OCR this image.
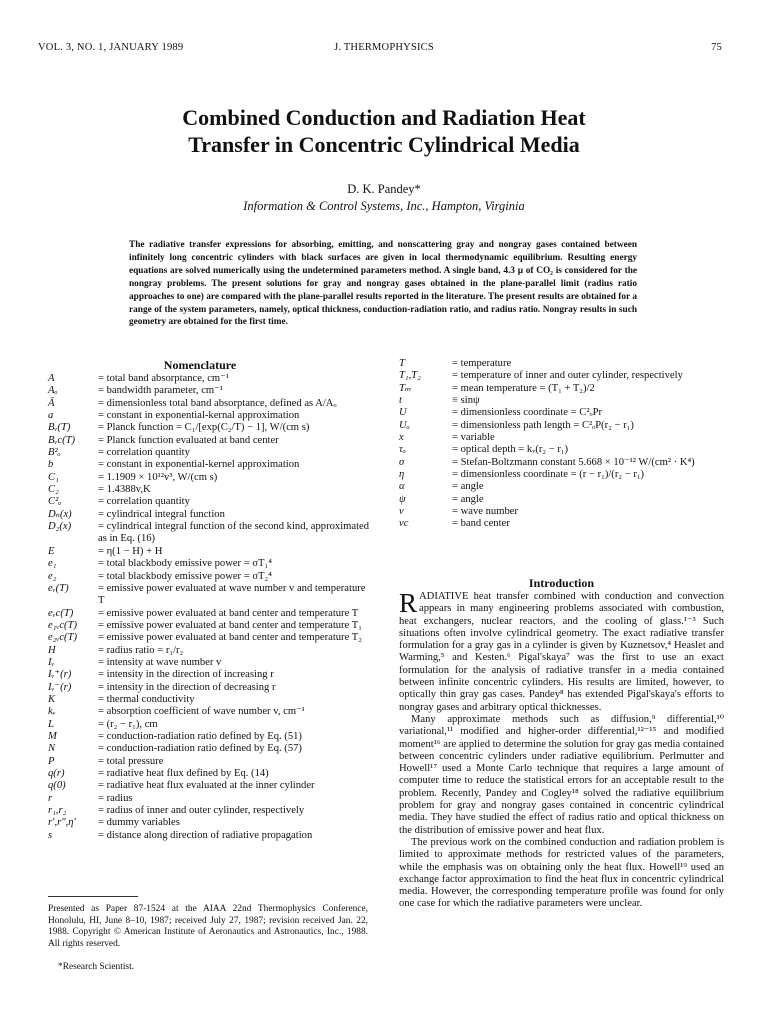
VOL. 3, NO. 1, JANUARY 1989	J. THERMOPHYSICS	75
Combined Conduction and Radiation Heat
Transfer in Concentric Cylindrical Media
D. K. Pandey*
Information & Control Systems, Inc., Hampton, Virginia

The radiative transfer expressions for absorbing, emitting, and nonscattering gray and nongray gases contained between infinitely long concentric cylinders with black surfaces are given in local thermodynamic equilibrium. Resulting energy equations are solved numerically using the undetermined parameters method. A single band, 4.3 μ of CO₂ is considered for the nongray problems. The present solutions for gray and nongray gases obtained in the plane-parallel limit (radius ratio approaches to one) are compared with the plane-parallel results reported in the literature. The present results are obtained for a range of the system parameters, namely, optical thickness, conduction-radiation ratio, and radius ratio. Nongray results in such geometry are obtained for the first time.

Nomenclature
A	= total band absorptance, cm⁻¹
Aₒ	= bandwidth parameter, cm⁻¹
Ā	= dimensionless total band absorptance, defined as A/Aₒ
a	= constant in exponential-kernal approximation
Bᵥ(T)	= Planck function = C₁/[exp(C₂/T) − 1], W/(cm s)
Bᵥc(T)	= Planck function evaluated at band center
B²ₒ	= correlation quantity
b	= constant in exponential-kernel approximation
C₁	= 1.1909 × 10¹²v³, W/(cm s)
C₂	= 1.4388v,K
C²ₒ	= correlation quantity
Dₙ(x)	= cylindrical integral function
D₂(x)	= cylindrical integral function of the second kind, approximated as in Eq. (16)
E	= η(1 − H) + H
e₁	= total blackbody emissive power = σT₁⁴
e₂	= total blackbody emissive power = σT₂⁴
eᵥ(T)	= emissive power evaluated at wave number v and temperature T
eᵥc(T)	= emissive power evaluated at band center and temperature T
e₁ᵥc(T)	= emissive power evaluated at band center and temperature T₁
e₂ᵥc(T)	= emissive power evaluated at band center and temperature T₂
H	= radius ratio = r₁/r₂
Iᵥ	= intensity at wave number v
Iᵥ⁺(r)	= intensity in the direction of increasing r
Iᵥ⁻(r)	= intensity in the direction of decreasing r
K	= thermal conductivity
kᵥ	= absorption coefficient of wave number v, cm⁻¹
L	= (r₂ − r₁), cm
M	= conduction-radiation ratio defined by Eq. (51)
N	= conduction-radiation ratio defined by Eq. (57)
P	= total pressure
q(r)	= radiative heat flux defined by Eq. (14)
q(0)	= radiative heat flux evaluated at the inner cylinder
r	= radius
r₁,r₂	= radius of inner and outer cylinder, respectively
r′,r″,η′	= dummy variables
s	= distance along direction of radiative propagation
T	= temperature
T₁,T₂	= temperature of inner and outer cylinder, respectively
Tₘ	= mean temperature = (T₁ + T₂)/2
t	≡ sinψ
U	= dimensionless coordinate = C²ₒPr
Uₒ	= dimensionless path length = C²ₒP(r₂ − r₁)
x	= variable
τₒ	= optical depth = kᵥ(r₂ − r₁)
σ	= Stefan-Boltzmann constant 5.668 × 10⁻¹² W/(cm² · K⁴)
η	= dimensionless coordinate = (r − r₁)/(r₂ − r₁)
α	= angle
ψ	= angle
v	= wave number
vc	= band center
Introduction

RADIATIVE heat transfer combined with conduction and convection appears in many engineering problems associated with combustion, heat exchangers, nuclear reactors, and the cooling of glass.¹⁻³ Such situations often involve cylindrical geometry. The exact radiative transfer formulation for a gray gas in a cylinder is given by Kuznetsov,⁴ Heaslet and Warming,⁵ and Kesten.⁶ Pigal'skaya⁷ was the first to use an exact formulation for the analysis of radiative transfer in a media contained between infinite concentric cylinders. His results are limited, however, to optically thin gray gas cases. Pandey⁸ has extended Pigal'skaya's efforts to nongray gases and arbitrary optical thicknesses.

Many approximate methods such as diffusion,⁹ differential,¹⁰ variational,¹¹ modified and higher-order differential,¹²⁻¹⁵ and modified moment¹⁶ are applied to determine the solution for gray gas media contained between concentric cylinders under radiative equilibrium. Perlmutter and Howell¹⁷ used a Monte Carlo technique that requires a large amount of computer time to reduce the statistical errors for an acceptable result to the problem. Recently, Pandey and Cogley¹⁸ solved the radiative equilibrium problem for gray and nongray gases contained in concentric cylindrical media. They have studied the effect of radius ratio and optical thickness on the distribution of emissive power and heat flux.

The previous work on the combined conduction and radiation problem is limited to approximate methods for restricted values of the parameters, while the emphasis was on obtaining only the heat flux. Howell¹⁹ used an exchange factor approximation to find the heat flux in concentric cylindrical media. However, the corresponding temperature profile was found for only one case for which the radiative parameters were unclear.

Presented as Paper 87-1524 at the AIAA 22nd Thermophysics Conference, Honolulu, HI, June 8–10, 1987; received July 27, 1987; revision received Jan. 22, 1988. Copyright © American Institute of Aeronautics and Astronautics, Inc., 1988. All rights reserved.

*Research Scientist.
